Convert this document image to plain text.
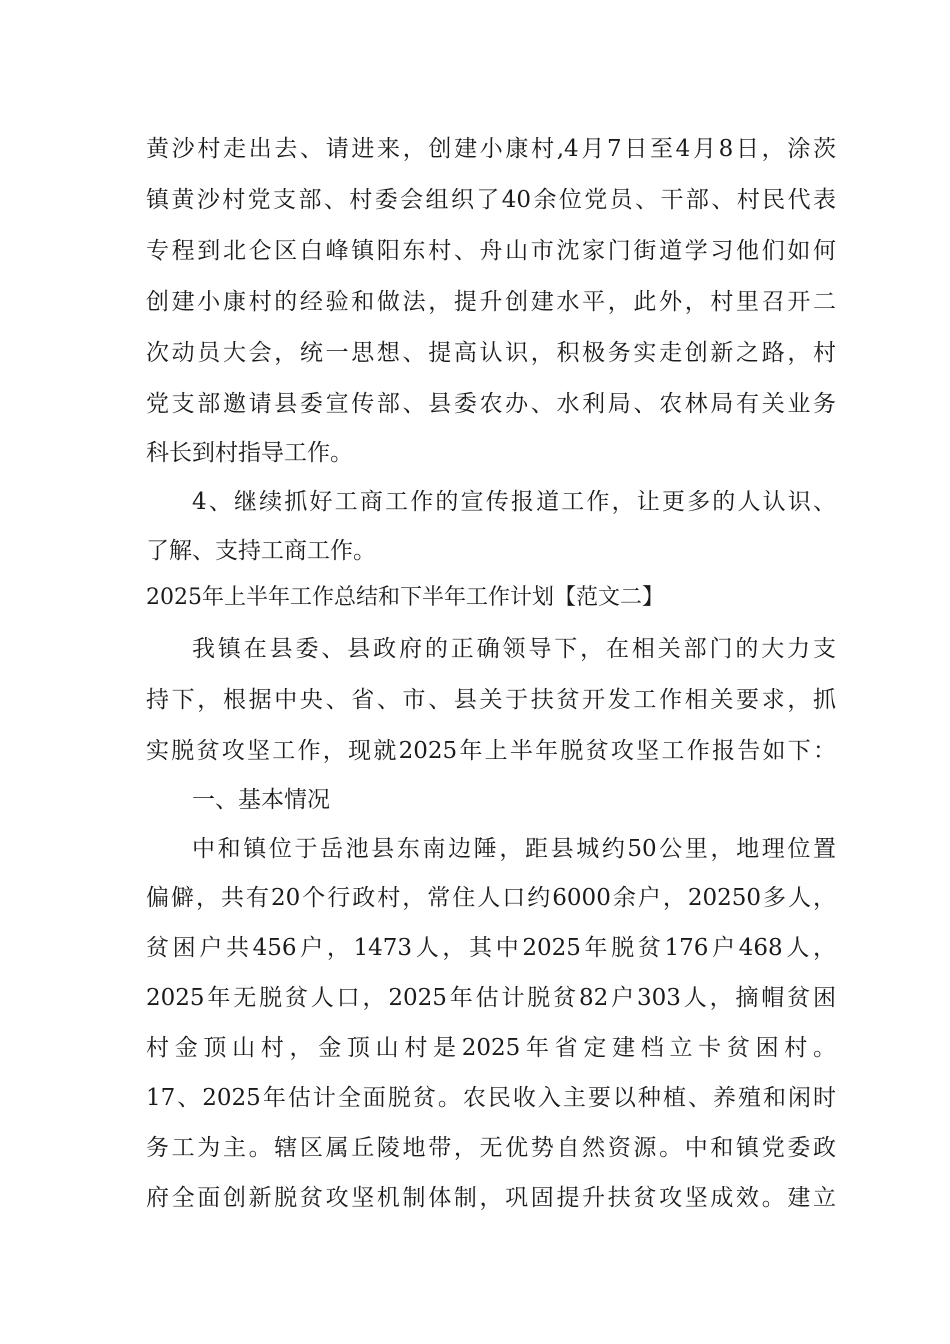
黄沙村走出去、请进来，创建小康村,4月7日至4月8日，涂茨
镇黄沙村党支部、村委会组织了40余位党员、干部、村民代表
专程到北仑区白峰镇阳东村、舟山市沈家门街道学习他们如何
创建小康村的经验和做法，提升创建水平，此外，村里召开二
次动员大会，统一思想、提高认识，积极务实走创新之路，村
党支部邀请县委宣传部、县委农办、水利局、农林局有关业务
科长到村指导工作。
4、继续抓好工商工作的宣传报道工作，让更多的人认识、
了解、支持工商工作。
2025年上半年工作总结和下半年工作计划【范文二】
我镇在县委、县政府的正确领导下，在相关部门的大力支
持下，根据中央、省、市、县关于扶贫开发工作相关要求，抓
实脱贫攻坚工作，现就2025年上半年脱贫攻坚工作报告如下：
一、基本情况
中和镇位于岳池县东南边陲，距县城约50公里，地理位置
偏僻，共有20个行政村，常住人口约6000余户，20250多人，
贫困户共456户，1473人，其中2025年脱贫176户468人，
2025年无脱贫人口，2025年估计脱贫82户303人，摘帽贫困
村金顶山村，金顶山村是2025年省定建档立卡贫困村。
17、2025年估计全面脱贫。农民收入主要以种植、养殖和闲时
务工为主。辖区属丘陵地带，无优势自然资源。中和镇党委政
府全面创新脱贫攻坚机制体制，巩固提升扶贫攻坚成效。建立
